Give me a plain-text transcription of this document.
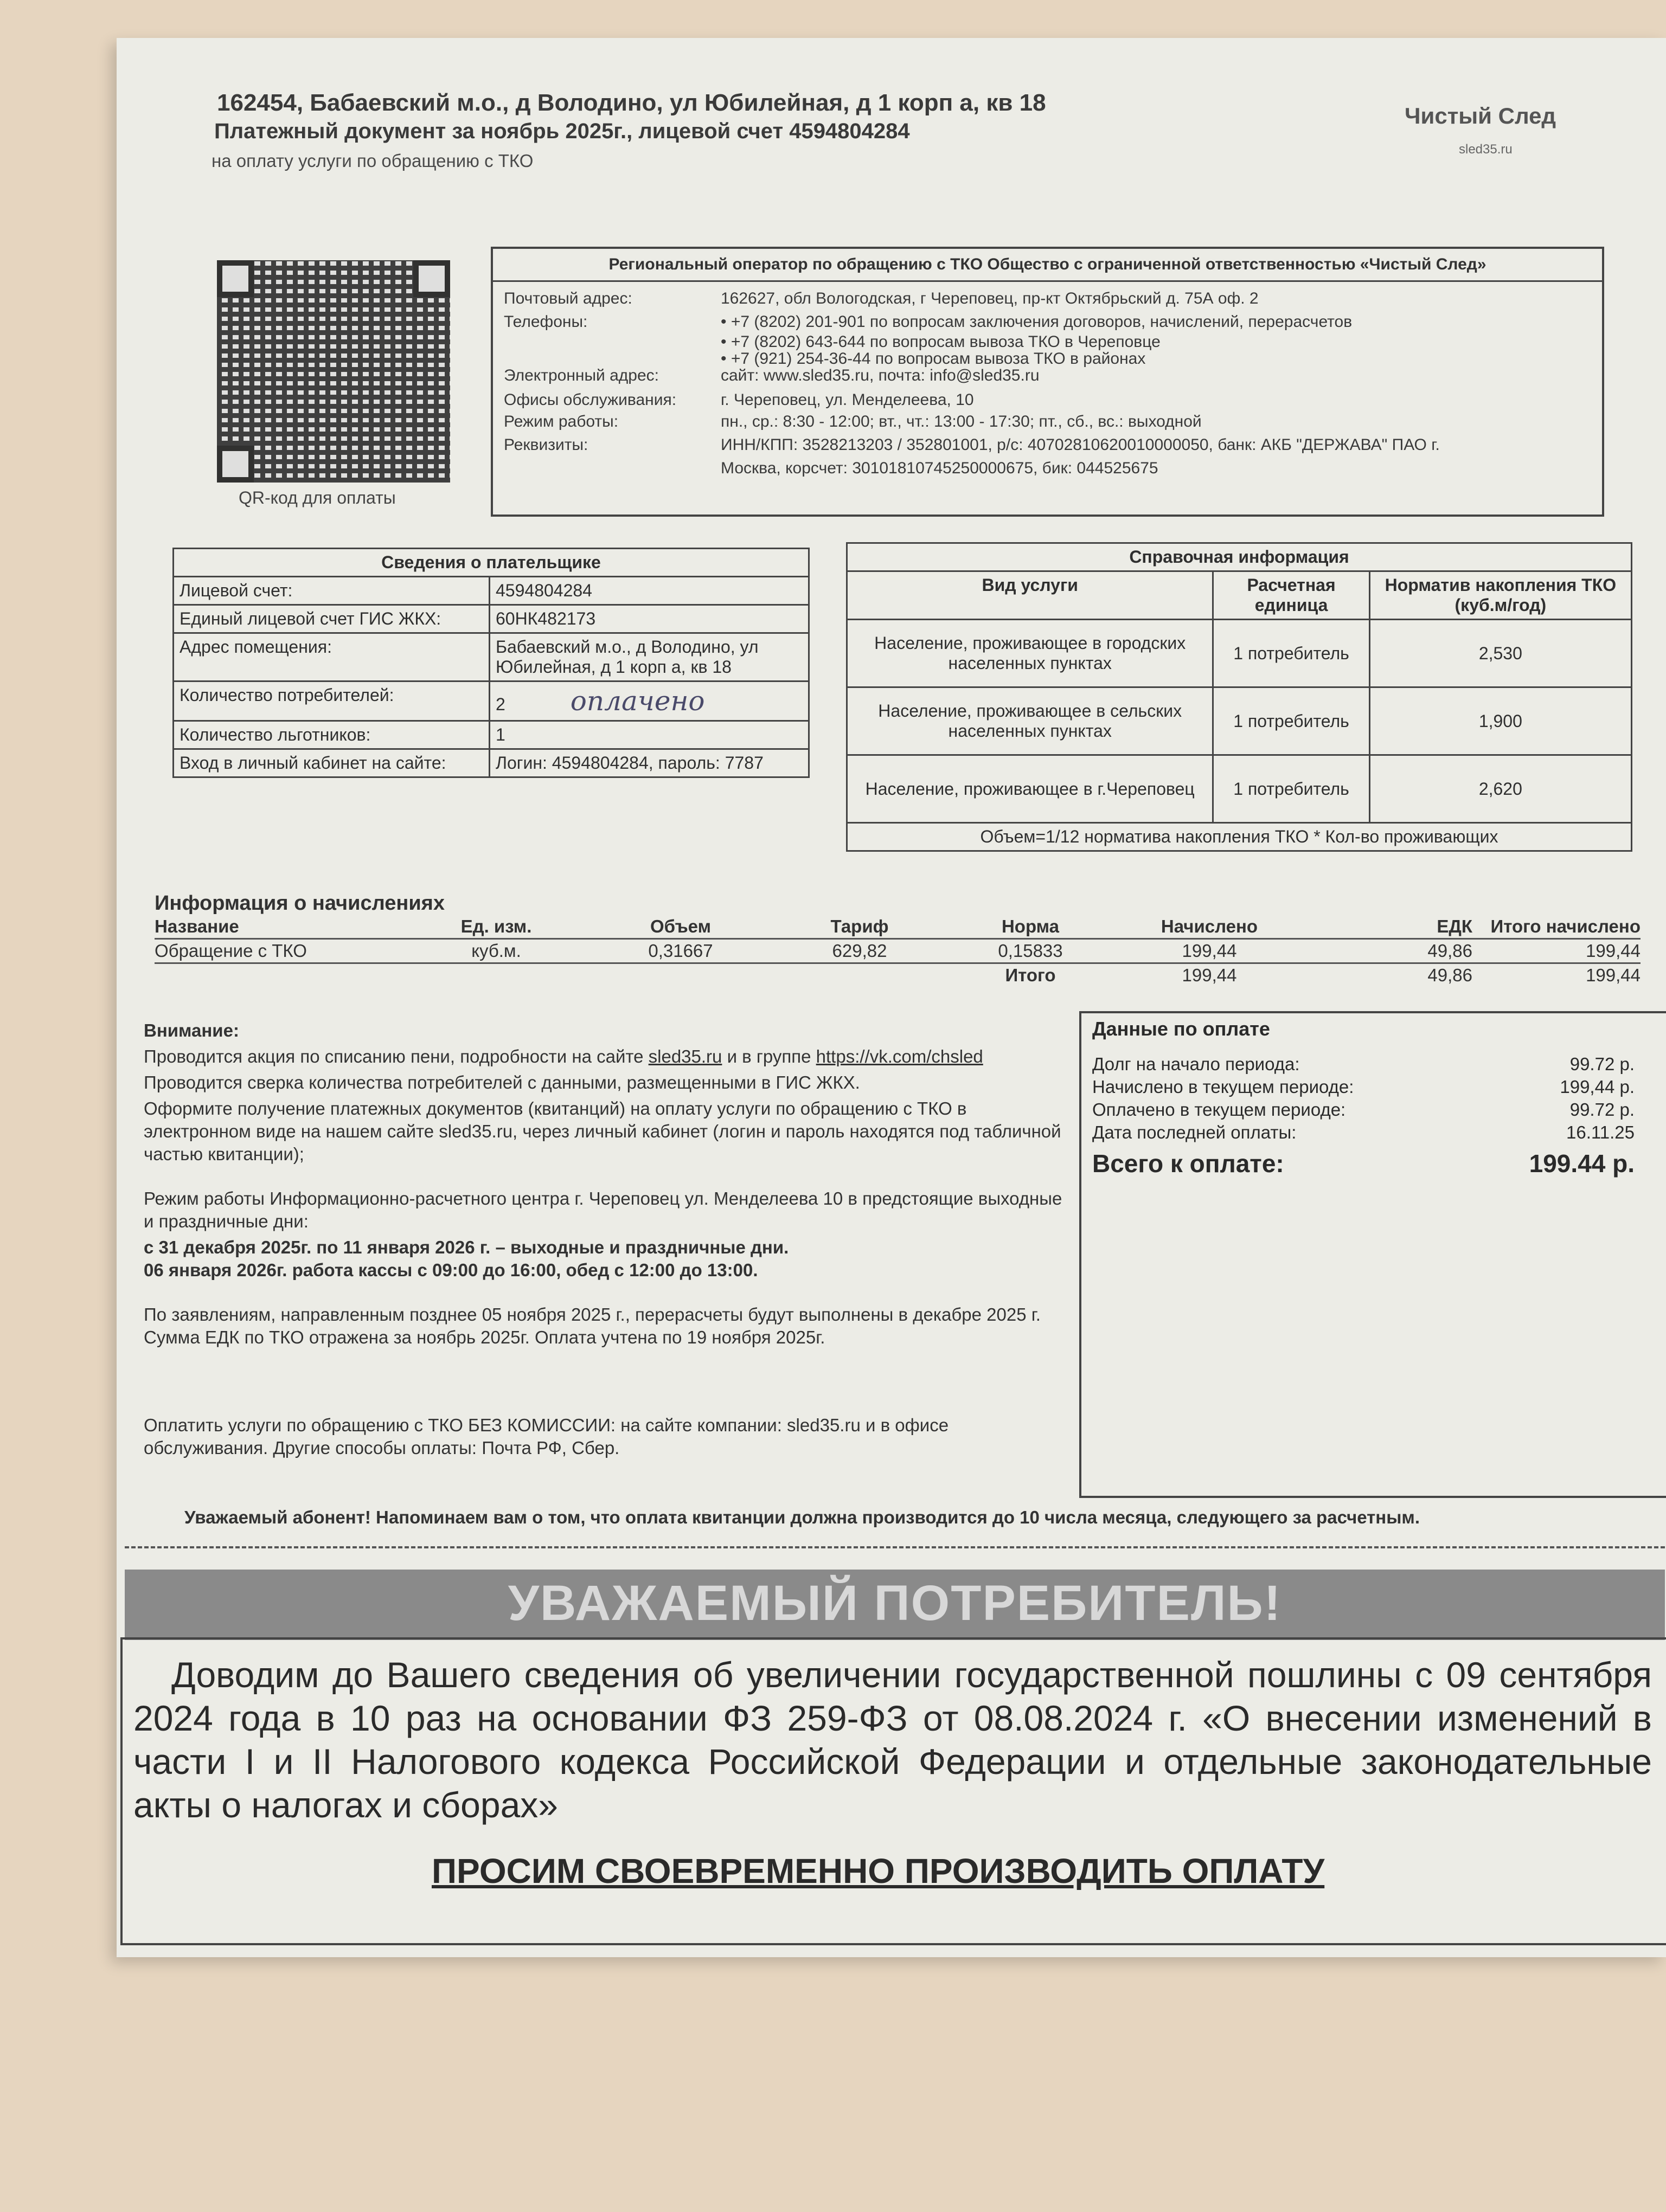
162454, Бабаевский м.о., д Володино, ул Юбилейная, д 1 корп а, кв 18
Платежный документ за ноябрь 2025г., лицевой счет 4594804284
на оплату услуги по обращению с ТКО
Чистый След
sled35.ru
QR-код для оплаты
Региональный оператор по обращению с ТКО Общество с ограниченной ответственностью «Чистый След»
Почтовый адрес:	162627, обл Вологодская, г Череповец, пр-кт Октябрьский д. 75А оф. 2
Телефоны:	• +7 (8202) 201-901 по вопросам заключения договоров, начислений, перерасчетов
• +7 (8202) 643-644 по вопросам вывоза ТКО в Череповце
• +7 (921) 254-36-44 по вопросам вывоза ТКО в районах
Электронный адрес:	сайт: www.sled35.ru, почта: info@sled35.ru
Офисы обслуживания:	г. Череповец, ул. Менделеева, 10
Режим работы:	пн., ср.: 8:30 - 12:00; вт., чт.: 13:00 - 17:30; пт., сб., вс.: выходной
Реквизиты:	ИНН/КПП: 3528213203 / 352801001, р/с: 40702810620010000050, банк: АКБ "ДЕРЖАВА" ПАО г.
Москва, корсчет: 30101810745250000675, бик: 044525675
Сведения о плательщике	
Лицевой счет:	4594804284
Единый лицевой счет ГИС ЖКХ:	60НК482173
Адрес помещения:	Бабаевский м.о., д Володино, ул Юбилейная, д 1 корп а, кв 18
Количество потребителей:	2 оплачено
Количество льготников:	1
Вход в личный кабинет на сайте:	Логин: 4594804284, пароль: 7787
Справочная информация		
Вид услуги	Расчетная единица	Норматив накопления ТКО (куб.м/год)
Население, проживающее в городских населенных пунктах	1 потребитель	2,530
Население, проживающее в сельских населенных пунктах	1 потребитель	1,900
Население, проживающее в г.Череповец	1 потребитель	2,620
Объем=1/12 норматива накопления ТКО * Кол-во проживающих		
Информация о начислениях
Название	Ед. изм.	Объем	Тариф	Норма	Начислено	ЕДК	Итого начислено
Обращение с ТКО	куб.м.	0,31667	629,82	0,15833	199,44	49,86	199,44
Итого	199,44	49,86	199,44

Внимание:

Проводится акция по списанию пени, подробности на сайте sled35.ru и в группе https://vk.com/chsled

Проводится сверка количества потребителей с данными, размещенными в ГИС ЖКХ.

Оформите получение платежных документов (квитанций) на оплату услуги по обращению с ТКО в электронном виде на нашем сайте sled35.ru, через личный кабинет (логин и пароль находятся под табличной частью квитанции);

Режим работы Информационно-расчетного центра г. Череповец ул. Менделеева 10 в предстоящие выходные и праздничные дни:

с 31 декабря 2025г. по 11 января 2026 г. – выходные и праздничные дни.

06 января 2026г. работа кассы с 09:00 до 16:00, обед с 12:00 до 13:00.

По заявлениям, направленным позднее 05 ноября 2025 г., перерасчеты будут выполнены в декабре 2025 г.

Сумма ЕДК по ТКО отражена за ноябрь 2025г. Оплата учтена по 19 ноября 2025г.

Оплатить услуги по обращению с ТКО БЕЗ КОМИССИИ: на сайте компании: sled35.ru и в офисе обслуживания. Другие способы оплаты: Почта РФ, Сбер.

Данные по оплате
Долг на начало периода:	99.72 р.
Начислено в текущем периоде:	199,44 р.
Оплачено в текущем периоде:	99.72 р.
Дата последней оплаты:	16.11.25
Всего к оплате:	199.44 р.
Уважаемый абонент! Напоминаем вам о том, что оплата квитанции должна производится до 10 числа месяца, следующего за расчетным.
УВАЖАЕМЫЙ ПОТРЕБИТЕЛЬ!
Доводим до Вашего сведения об увеличении государственной пошлины с 09 сентября 2024 года в 10 раз на основании ФЗ 259-ФЗ от 08.08.2024 г. «О внесении изменений в части I и II Налогового кодекса Российской Федерации и отдельные законодательные акты о налогах и сборах»
ПРОСИМ СВОЕВРЕМЕННО ПРОИЗВОДИТЬ ОПЛАТУ
